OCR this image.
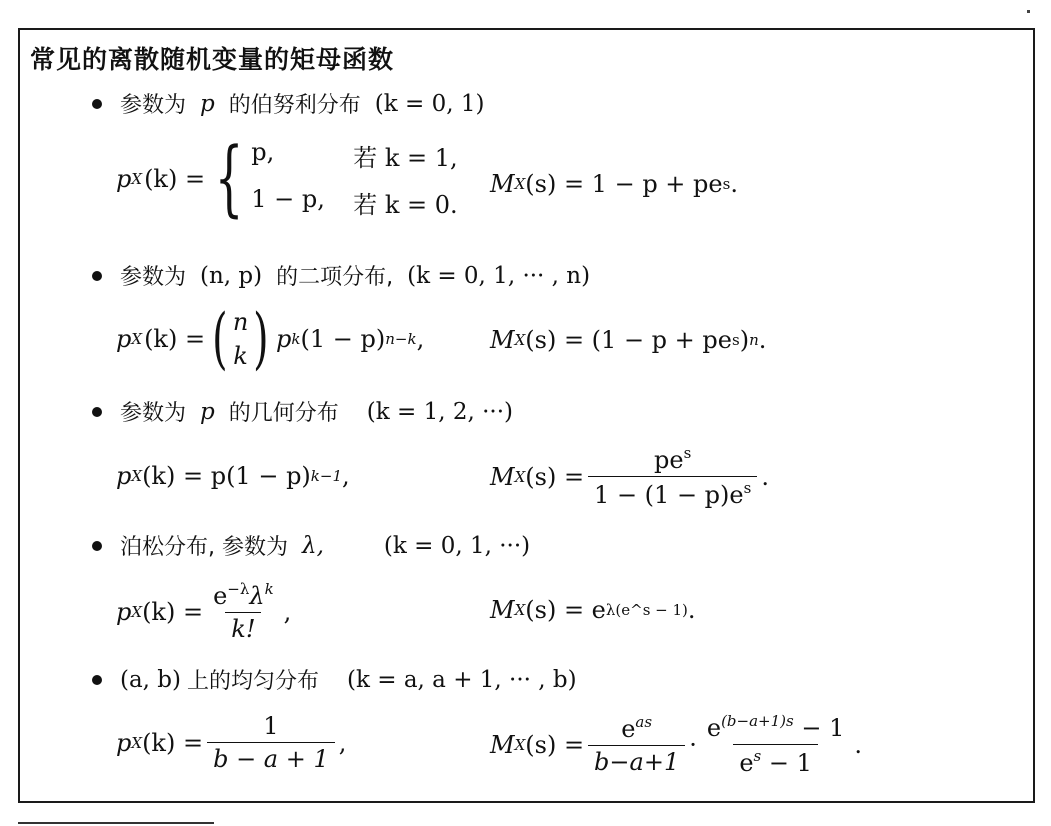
常见的离散随机变量的矩母函数
参数为 p 的伯努利分布 (k = 0, 1)
p X (k) = { p,	若 k = 1,
1 − p,	若 k = 0.
M X (s) = 1 − p + pe s .
参数为 (n, p) 的二项分布, (k = 0, 1, ··· , n)
p X (k) = ( n
k ) p k (1 − p) n−k ,	M X (s) = (1 − p + pe s ) n .
参数为 p 的几何分布 (k = 1, 2, ···)
p X (k) = p(1 − p) k−1 ,	M X $(s) = \frac{pe^s}{1 - (1 - p)e^s}$ .
泊松分布, 参数为 λ,	(k = 0, 1, ···)
p X $(k) = \frac{e^{-\lambda}\lambda^k}{k!}$ ,	M X (s) = e λ(e^s − 1) .
(a, b) 上的均匀分布 (k = a, a + 1, ··· , b)
p X $(k) = \frac{1}{b - a + 1}$ ,	M X $(s) = \frac{e^{as}}{b-a+1} \cdot \frac{e^{(b-a+1)s} - 1}{e^s - 1}$ .
